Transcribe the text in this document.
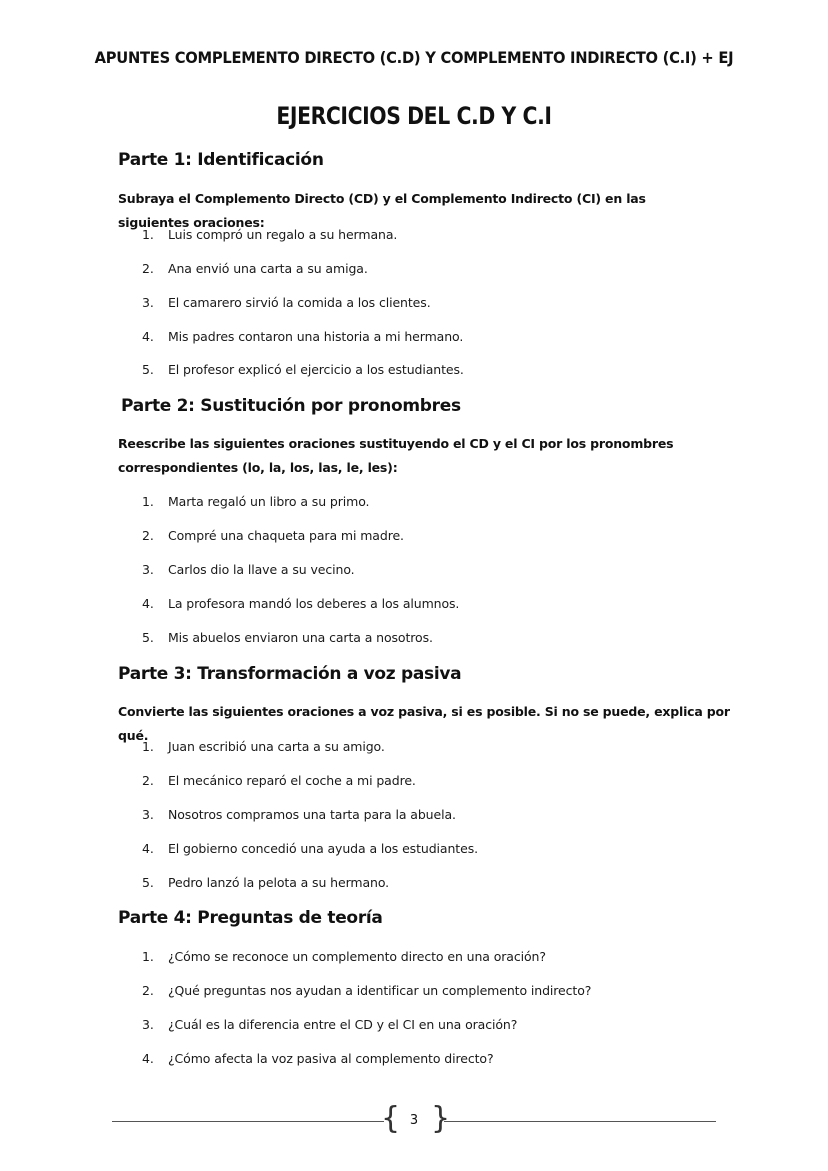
APUNTES COMPLEMENTO DIRECTO (C.D) Y COMPLEMENTO INDIRECTO (C.I) + EJ
EJERCICIOS DEL C.D Y C.I
Parte 1: Identificación
Subraya el Complemento Directo (CD) y el Complemento Indirecto (CI) en las siguientes oraciones:
1. Luis compró un regalo a su hermana.
2. Ana envió una carta a su amiga.
3. El camarero sirvió la comida a los clientes.
4. Mis padres contaron una historia a mi hermano.
5. El profesor explicó el ejercicio a los estudiantes.
Parte 2: Sustitución por pronombres
Reescribe las siguientes oraciones sustituyendo el CD y el CI por los pronombres correspondientes (lo, la, los, las, le, les):
1. Marta regaló un libro a su primo.
2. Compré una chaqueta para mi madre.
3. Carlos dio la llave a su vecino.
4. La profesora mandó los deberes a los alumnos.
5. Mis abuelos enviaron una carta a nosotros.
Parte 3: Transformación a voz pasiva
Convierte las siguientes oraciones a voz pasiva, si es posible. Si no se puede, explica por qué.
1. Juan escribió una carta a su amigo.
2. El mecánico reparó el coche a mi padre.
3. Nosotros compramos una tarta para la abuela.
4. El gobierno concedió una ayuda a los estudiantes.
5. Pedro lanzó la pelota a su hermano.
Parte 4: Preguntas de teoría
1. ¿Cómo se reconoce un complemento directo en una oración?
2. ¿Qué preguntas nos ayudan a identificar un complemento indirecto?
3. ¿Cuál es la diferencia entre el CD y el CI en una oración?
4. ¿Cómo afecta la voz pasiva al complemento directo?
{ }
3
